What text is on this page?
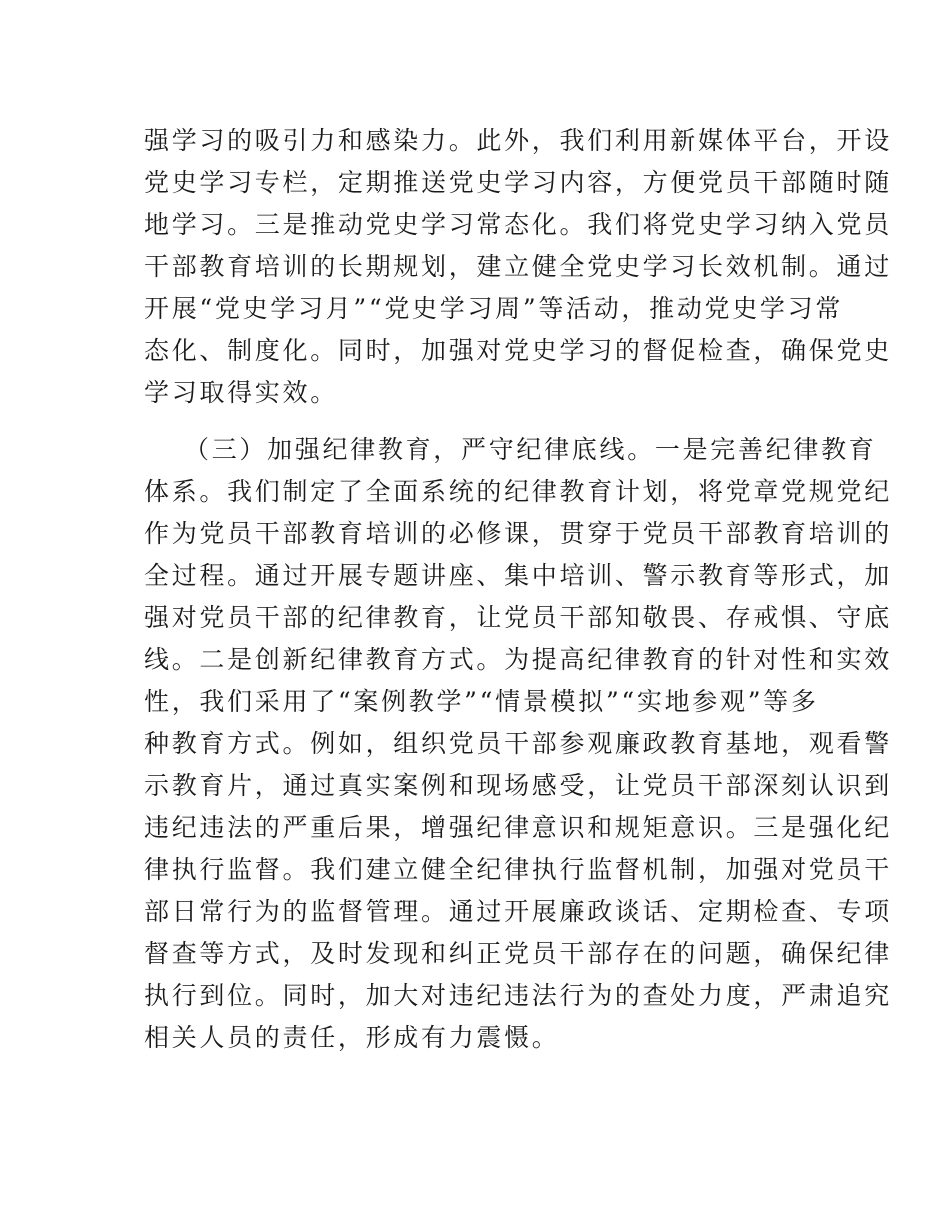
强学习的吸引力和感染力。此外，我们利用新媒体平台，开设
党史学习专栏，定期推送党史学习内容，方便党员干部随时随
地学习。三是推动党史学习常态化。我们将党史学习纳入党员
干部教育培训的长期规划，建立健全党史学习长效机制。通过
开展“党史学习月”“党史学习周”等活动，推动党史学习常
态化、制度化。同时，加强对党史学习的督促检查，确保党史
学习取得实效。
（三）加强纪律教育，严守纪律底线。一是完善纪律教育
体系。我们制定了全面系统的纪律教育计划，将党章党规党纪
作为党员干部教育培训的必修课，贯穿于党员干部教育培训的
全过程。通过开展专题讲座、集中培训、警示教育等形式，加
强对党员干部的纪律教育，让党员干部知敬畏、存戒惧、守底
线。二是创新纪律教育方式。为提高纪律教育的针对性和实效
性，我们采用了“案例教学”“情景模拟”“实地参观”等多
种教育方式。例如，组织党员干部参观廉政教育基地，观看警
示教育片，通过真实案例和现场感受，让党员干部深刻认识到
违纪违法的严重后果，增强纪律意识和规矩意识。三是强化纪
律执行监督。我们建立健全纪律执行监督机制，加强对党员干
部日常行为的监督管理。通过开展廉政谈话、定期检查、专项
督查等方式，及时发现和纠正党员干部存在的问题，确保纪律
执行到位。同时，加大对违纪违法行为的查处力度，严肃追究
相关人员的责任，形成有力震慑。
